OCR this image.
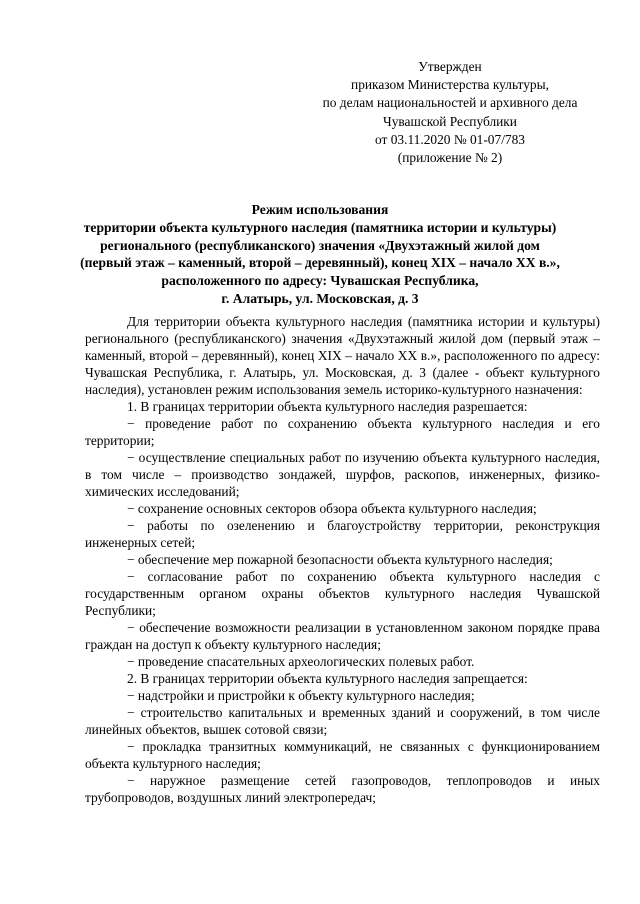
Утвержден
приказом Министерства культуры,
по делам национальностей и архивного дела
Чувашской Республики
от 03.11.2020 № 01-07/783
(приложение № 2)
Режим использования
территории объекта культурного наследия (памятника истории и культуры)
регионального (республиканского) значения «Двухэтажный жилой дом
(первый этаж – каменный, второй – деревянный), конец XIX – начало XX в.»,
расположенного по адресу: Чувашская Республика,
г. Алатырь, ул. Московская, д. 3

Для территории объекта культурного наследия (памятника истории и культуры) регионального (республиканского) значения «Двухэтажный жилой дом (первый этаж – каменный, второй – деревянный), конец XIX – начало XX в.», расположенного по адресу: Чувашская Республика, г. Алатырь, ул. Московская, д. 3 (далее - объект культурного наследия), установлен режим использования земель историко-культурного назначения:

1. В границах территории объекта культурного наследия разрешается:

− проведение работ по сохранению объекта культурного наследия и его территории;

− осуществление специальных работ по изучению объекта культурного наследия, в том числе – производство зондажей, шурфов, раскопов, инженерных, физико-химических исследований;

− сохранение основных секторов обзора объекта культурного наследия;

− работы по озеленению и благоустройству территории, реконструкция инженерных сетей;

− обеспечение мер пожарной безопасности объекта культурного наследия;

− согласование работ по сохранению объекта культурного наследия с государственным органом охраны объектов культурного наследия Чувашской Республики;

− обеспечение возможности реализации в установленном законом порядке права граждан на доступ к объекту культурного наследия;

− проведение спасательных археологических полевых работ.

2. В границах территории объекта культурного наследия запрещается:

− надстройки и пристройки к объекту культурного наследия;

− строительство капитальных и временных зданий и сооружений, в том числе линейных объектов, вышек сотовой связи;

− прокладка транзитных коммуникаций, не связанных с функционированием объекта культурного наследия;

− наружное размещение сетей газопроводов, теплопроводов и иных трубопроводов, воздушных линий электропередач;
